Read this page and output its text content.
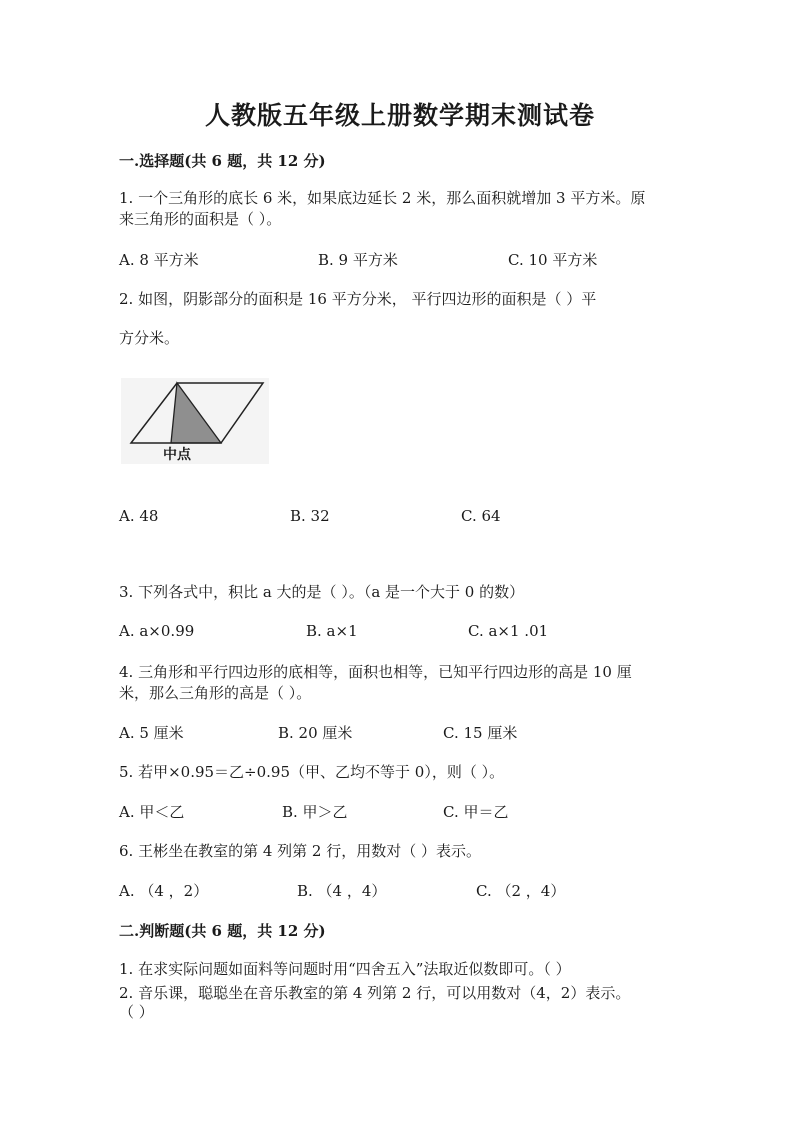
人教版五年级上册数学期末测试卷
一.选择题(共 6 题，共 12 分)
1. 一个三角形的底长 6 米，如果底边延长 2 米，那么面积就增加 3 平方米。原
来三角形的面积是（ ）。
A. 8 平方米	B. 9 平方米	C. 10 平方米
2. 如图，阴影部分的面积是 16 平方分米， 平行四边形的面积是（ ）平
方分米。
中点
A. 48	B. 32	C. 64
3. 下列各式中，积比 a 大的是（ ）。（a 是一个大于 0 的数）
A. a×0.99	B. a×1	C. a×1 .01
4. 三角形和平行四边形的底相等，面积也相等，已知平行四边形的高是 10 厘
米，那么三角形的高是（ ）。
A. 5 厘米	B. 20 厘米	C. 15 厘米
5. 若甲×0.95＝乙÷0.95（甲、乙均不等于 0），则（ ）。
A. 甲＜乙	B. 甲＞乙	C. 甲＝乙
6. 王彬坐在教室的第 4 列第 2 行，用数对（ ）表示。
A. （4 ，2）	B. （4 ，4）	C. （2 ，4）
二.判断题(共 6 题，共 12 分)
1. 在求实际问题如面料等问题时用“四舍五入”法取近似数即可。（ ）
2. 音乐课，聪聪坐在音乐教室的第 4 列第 2 行，可以用数对（4，2）表示。
（ ）
